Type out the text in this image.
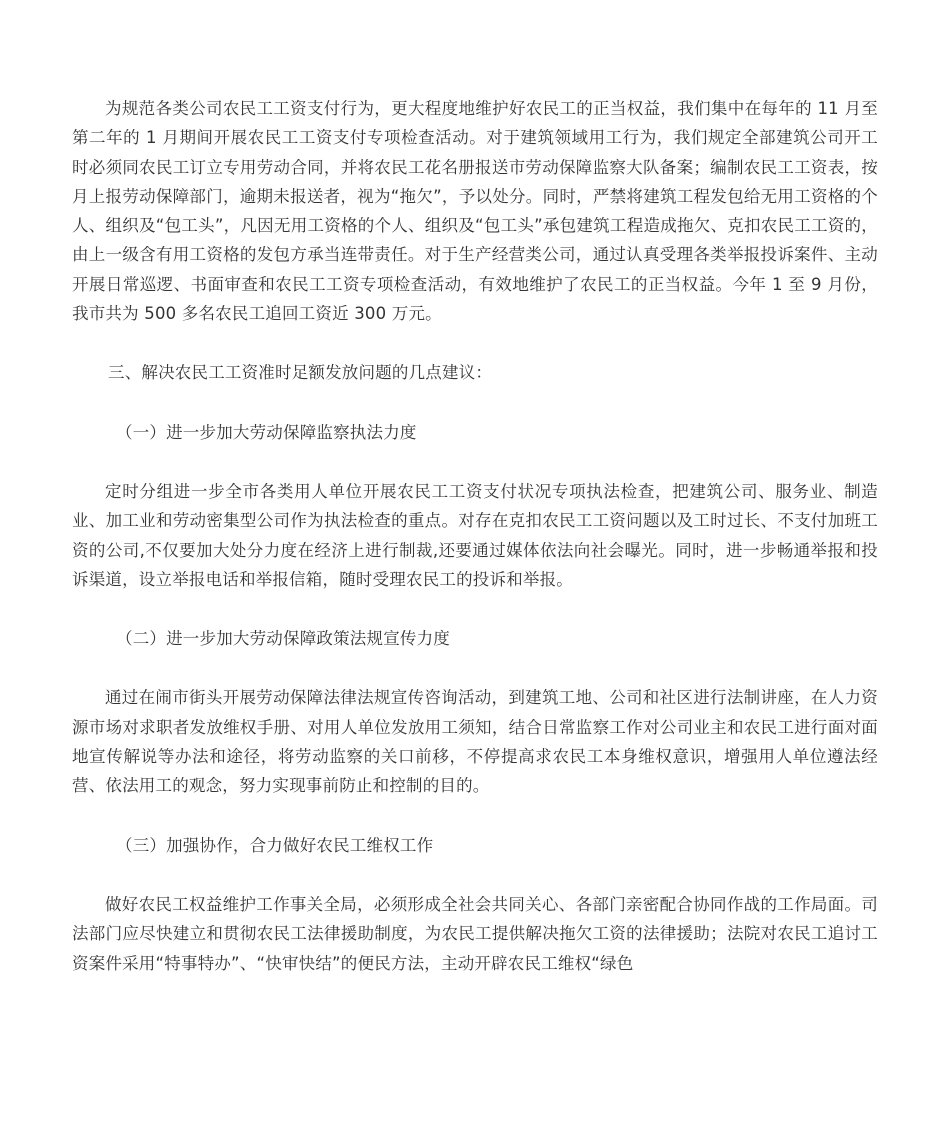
为规范各类公司农民工工资支付行为，更大程度地维护好农民工的正当权益，我们集中在每年的 11 月至第二年的 1 月期间开展农民工工资支付专项检查活动。对于建筑领域用工行为，我们规定全部建筑公司开工时必须同农民工订立专用劳动合同，并将农民工花名册报送市劳动保障监察大队备案；编制农民工工资表，按月上报劳动保障部门，逾期未报送者，视为“拖欠”，予以处分。同时，严禁将建筑工程发包给无用工资格的个人、组织及“包工头”，凡因无用工资格的个人、组织及“包工头”承包建筑工程造成拖欠、克扣农民工工资的，由上一级含有用工资格的发包方承当连带责任。对于生产经营类公司，通过认真受理各类举报投诉案件、主动开展日常巡逻、书面审查和农民工工资专项检查活动，有效地维护了农民工的正当权益。今年 1 至 9 月份，我市共为 500 多名农民工追回工资近 300 万元。

三、解决农民工工资准时足额发放问题的几点建议：

（一）进一步加大劳动保障监察执法力度

定时分组进一步全市各类用人单位开展农民工工资支付状况专项执法检查，把建筑公司、服务业、制造业、加工业和劳动密集型公司作为执法检查的重点。对存在克扣农民工工资问题以及工时过长、不支付加班工资的公司,不仅要加大处分力度在经济上进行制裁,还要通过媒体依法向社会曝光。同时，进一步畅通举报和投诉渠道，设立举报电话和举报信箱，随时受理农民工的投诉和举报。

（二）进一步加大劳动保障政策法规宣传力度

通过在闹市街头开展劳动保障法律法规宣传咨询活动，到建筑工地、公司和社区进行法制讲座，在人力资源市场对求职者发放维权手册、对用人单位发放用工须知，结合日常监察工作对公司业主和农民工进行面对面地宣传解说等办法和途径，将劳动监察的关口前移，不停提高求农民工本身维权意识，增强用人单位遵法经营、依法用工的观念，努力实现事前防止和控制的目的。

（三）加强协作，合力做好农民工维权工作

做好农民工权益维护工作事关全局，必须形成全社会共同关心、各部门亲密配合协同作战的工作局面。司法部门应尽快建立和贯彻农民工法律援助制度，为农民工提供解决拖欠工资的法律援助；法院对农民工追讨工资案件采用“特事特办”、“快审快结”的便民方法，主动开辟农民工维权“绿色
